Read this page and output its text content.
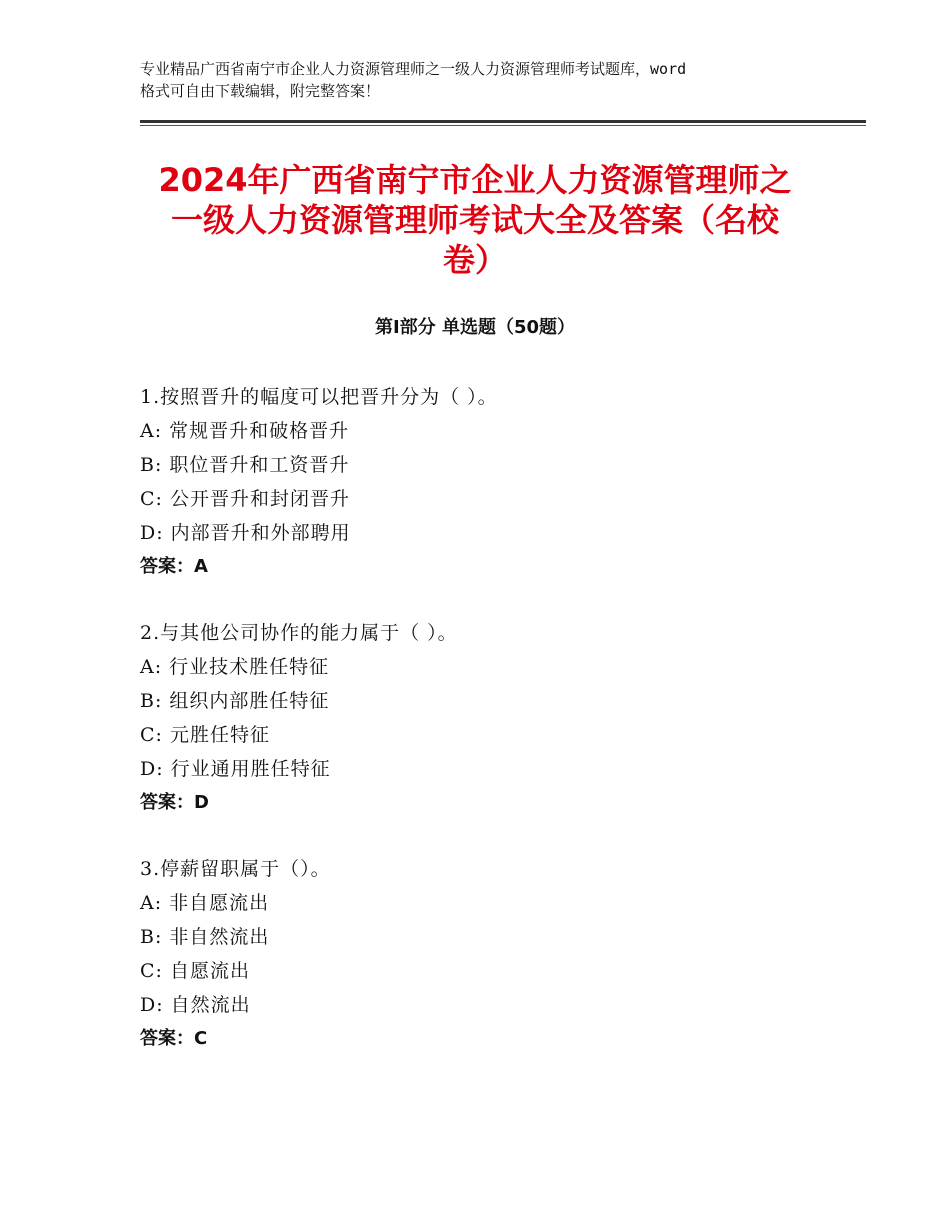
专业精品广西省南宁市企业人力资源管理师之一级人力资源管理师考试题库，word
格式可自由下载编辑，附完整答案！
2024年广西省南宁市企业人力资源管理师之
一级人力资源管理师考试大全及答案（名校
卷）
第Ⅰ部分 单选题（50题）
1.按照晋升的幅度可以把晋升分为（ ）。
A: 常规晋升和破格晋升
B: 职位晋升和工资晋升
C: 公开晋升和封闭晋升
D: 内部晋升和外部聘用
答案：A
2.与其他公司协作的能力属于（ ）。
A: 行业技术胜任特征
B: 组织内部胜任特征
C: 元胜任特征
D: 行业通用胜任特征
答案：D
3.停薪留职属于（）。
A: 非自愿流出
B: 非自然流出
C: 自愿流出
D: 自然流出
答案：C
